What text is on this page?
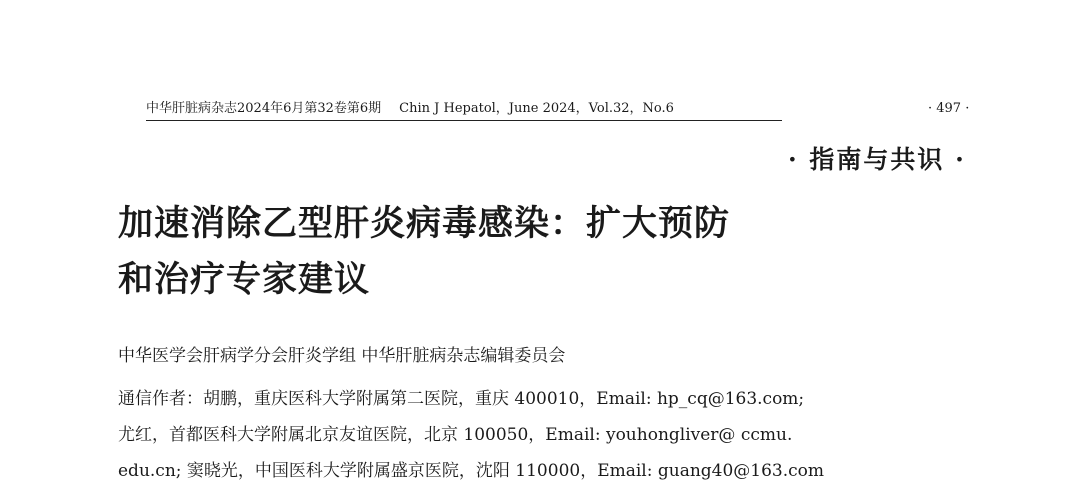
中华肝脏病杂志2024年6月第32卷第6期 Chin J Hepatol，June 2024，Vol.32，No.6	· 497 ·
· 指南与共识 ·
加速消除乙型肝炎病毒感染：扩大预防
和治疗专家建议
中华医学会肝病学分会肝炎学组 中华肝脏病杂志编辑委员会
通信作者：胡鹏，重庆医科大学附属第二医院，重庆 400010，Email: hp_cq@163.com;
尤红，首都医科大学附属北京友谊医院，北京 100050，Email: youhongliver@ ccmu.
edu.cn; 窦晓光，中国医科大学附属盛京医院，沈阳 110000，Email: guang40@163.com
